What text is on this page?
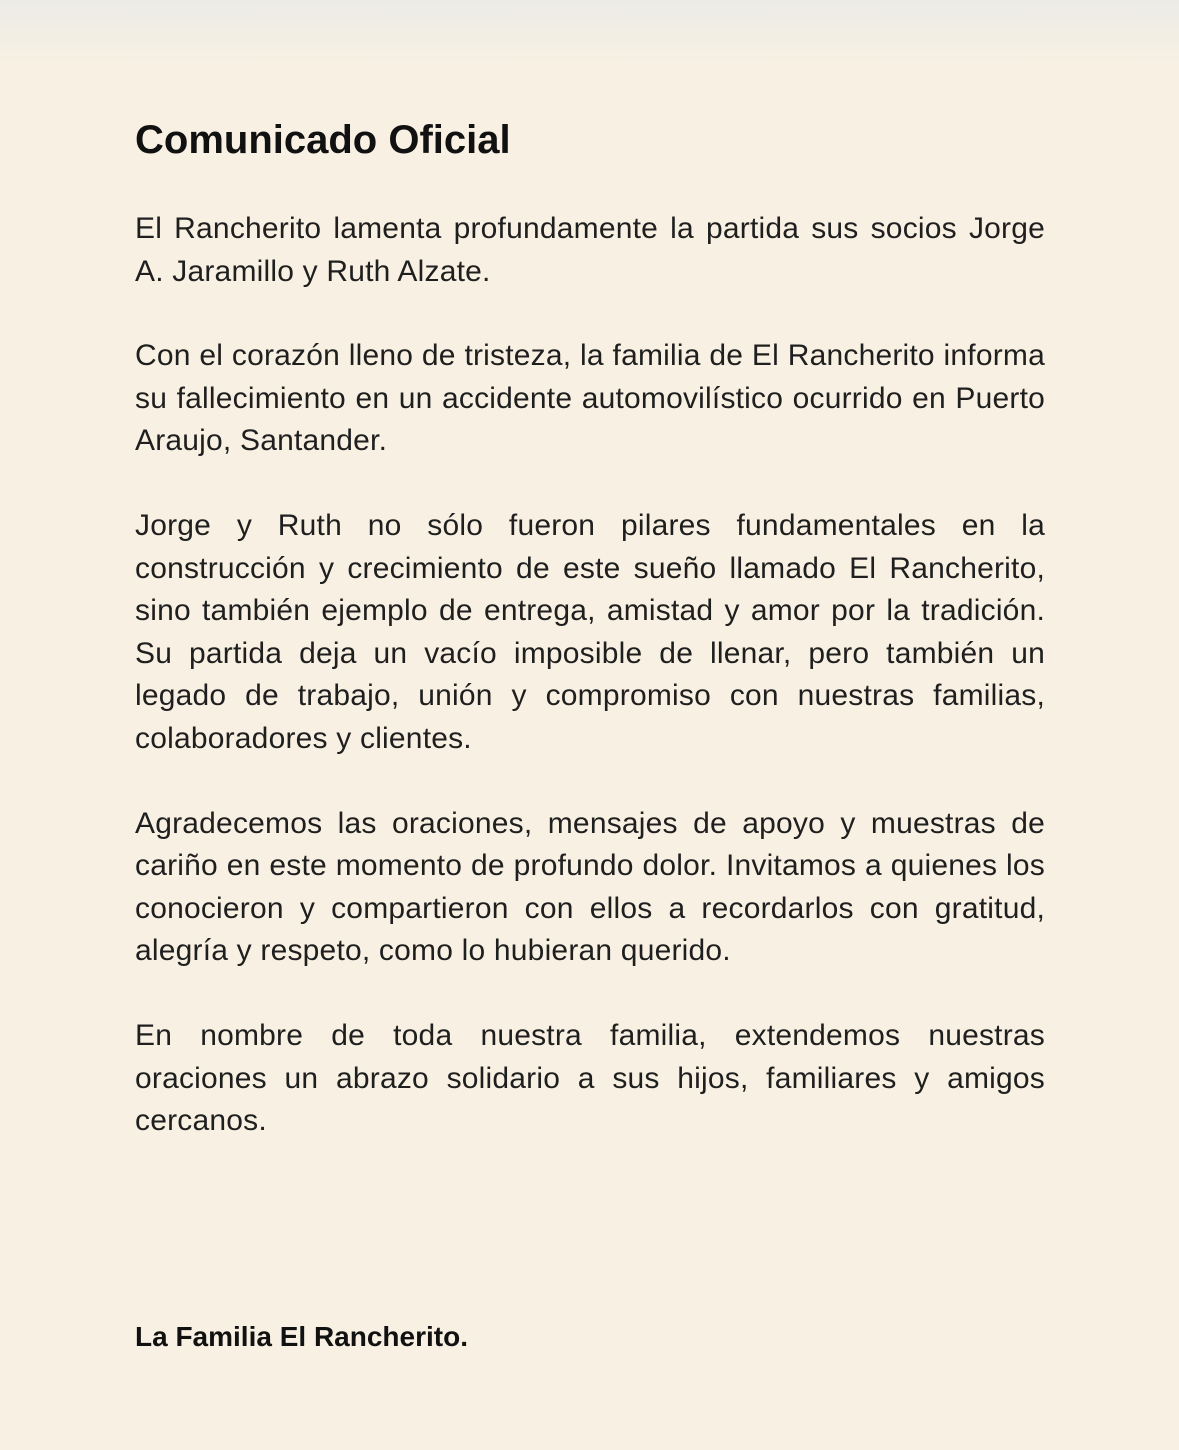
Comunicado Oficial

El Rancherito lamenta profundamente la partida sus socios Jorge A. Jaramillo y Ruth Alzate.

Con el corazón lleno de tristeza, la familia de El Rancherito informa su fallecimiento en un accidente automovilístico ocurrido en Puerto Araujo, Santander.

Jorge y Ruth no sólo fueron pilares fundamentales en la construcción y crecimiento de este sueño llamado El Rancherito, sino también ejemplo de entrega, amistad y amor por la tradición. Su partida deja un vacío imposible de llenar, pero también un legado de trabajo, unión y compromiso con nuestras familias, colaboradores y clientes.

Agradecemos las oraciones, mensajes de apoyo y muestras de cariño en este momento de profundo dolor. Invitamos a quienes los conocieron y compartieron con ellos a recordarlos con gratitud, alegría y respeto, como lo hubieran querido.

En nombre de toda nuestra familia, extendemos nuestras oraciones un abrazo solidario a sus hijos, familiares y amigos cercanos.

La Familia El Rancherito.
